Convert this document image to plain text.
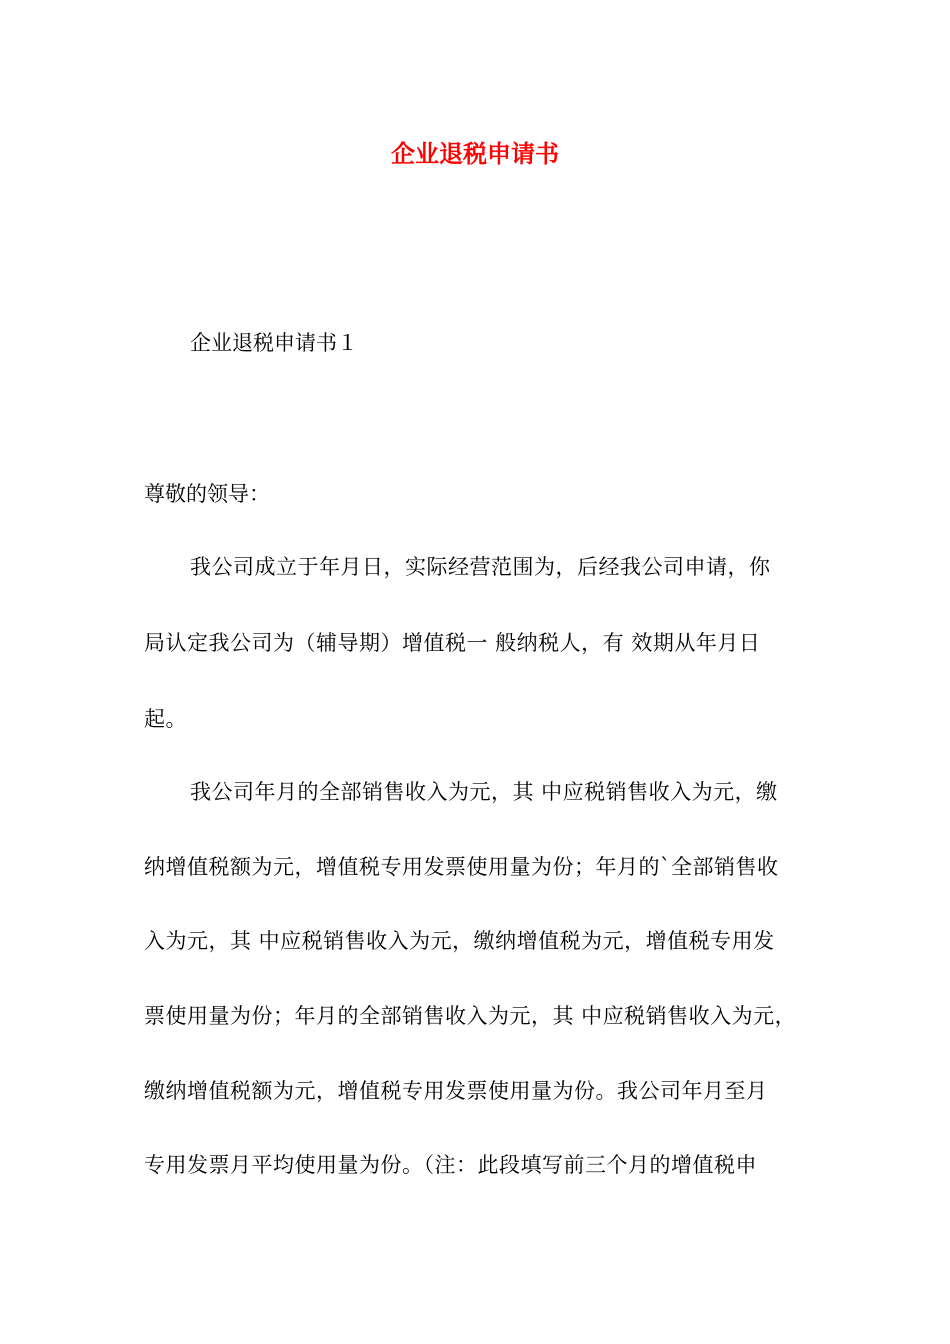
企业退税申请书
企业退税申请书１
尊敬的领导：
我公司成立于年月日，实际经营范围为，后经我公司申请，你
局认定我公司为（辅导期）增值税一 般纳税人，有 效期从年月日
起。
我公司年月的全部销售收入为元，其 中应税销售收入为元，缴
纳增值税额为元，增值税专用发票使用量为份；年月的`全部销售收
入为元，其 中应税销售收入为元，缴纳增值税为元，增值税专用发
票使用量为份；年月的全部销售收入为元，其 中应税销售收入为元，
缴纳增值税额为元，增值税专用发票使用量为份。我公司年月至月
专用发票月平均使用量为份。（注：此段填写前三个月的增值税申
